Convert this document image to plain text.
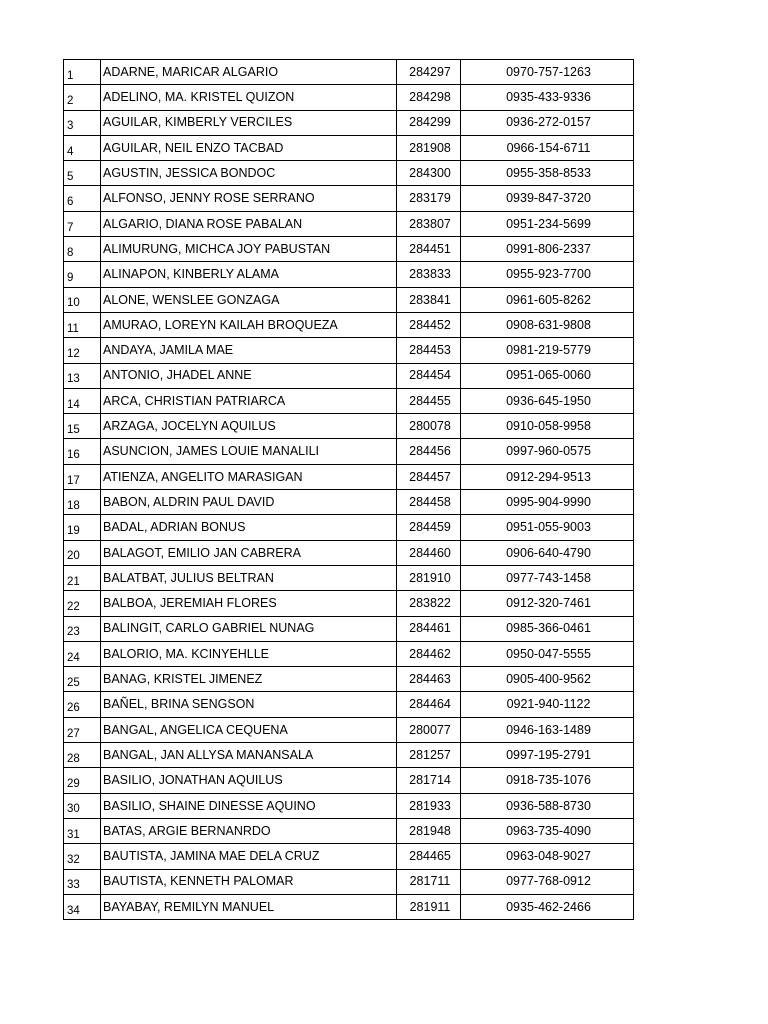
1	ADARNE, MARICAR ALGARIO	284297	0970-757-1263
2	ADELINO, MA. KRISTEL QUIZON	284298	0935-433-9336
3	AGUILAR, KIMBERLY VERCILES	284299	0936-272-0157
4	AGUILAR, NEIL ENZO TACBAD	281908	0966-154-6711
5	AGUSTIN, JESSICA BONDOC	284300	0955-358-8533
6	ALFONSO, JENNY ROSE SERRANO	283179	0939-847-3720
7	ALGARIO, DIANA ROSE PABALAN	283807	0951-234-5699
8	ALIMURUNG, MICHCA JOY PABUSTAN	284451	0991-806-2337
9	ALINAPON, KINBERLY ALAMA	283833	0955-923-7700
10	ALONE, WENSLEE GONZAGA	283841	0961-605-8262
11	AMURAO, LOREYN KAILAH BROQUEZA	284452	0908-631-9808
12	ANDAYA, JAMILA MAE	284453	0981-219-5779
13	ANTONIO, JHADEL ANNE	284454	0951-065-0060
14	ARCA, CHRISTIAN PATRIARCA	284455	0936-645-1950
15	ARZAGA, JOCELYN AQUILUS	280078	0910-058-9958
16	ASUNCION, JAMES LOUIE MANALILI	284456	0997-960-0575
17	ATIENZA, ANGELITO MARASIGAN	284457	0912-294-9513
18	BABON, ALDRIN PAUL DAVID	284458	0995-904-9990
19	BADAL, ADRIAN BONUS	284459	0951-055-9003
20	BALAGOT, EMILIO JAN CABRERA	284460	0906-640-4790
21	BALATBAT, JULIUS BELTRAN	281910	0977-743-1458
22	BALBOA, JEREMIAH FLORES	283822	0912-320-7461
23	BALINGIT, CARLO GABRIEL NUNAG	284461	0985-366-0461
24	BALORIO, MA. KCINYEHLLE	284462	0950-047-5555
25	BANAG, KRISTEL JIMENEZ	284463	0905-400-9562
26	BAÑEL, BRINA SENGSON	284464	0921-940-1122
27	BANGAL, ANGELICA CEQUENA	280077	0946-163-1489
28	BANGAL, JAN ALLYSA MANANSALA	281257	0997-195-2791
29	BASILIO, JONATHAN AQUILUS	281714	0918-735-1076
30	BASILIO, SHAINE DINESSE AQUINO	281933	0936-588-8730
31	BATAS, ARGIE BERNANRDO	281948	0963-735-4090
32	BAUTISTA, JAMINA MAE DELA CRUZ	284465	0963-048-9027
33	BAUTISTA, KENNETH PALOMAR	281711	0977-768-0912
34	BAYABAY, REMILYN MANUEL	281911	0935-462-2466
